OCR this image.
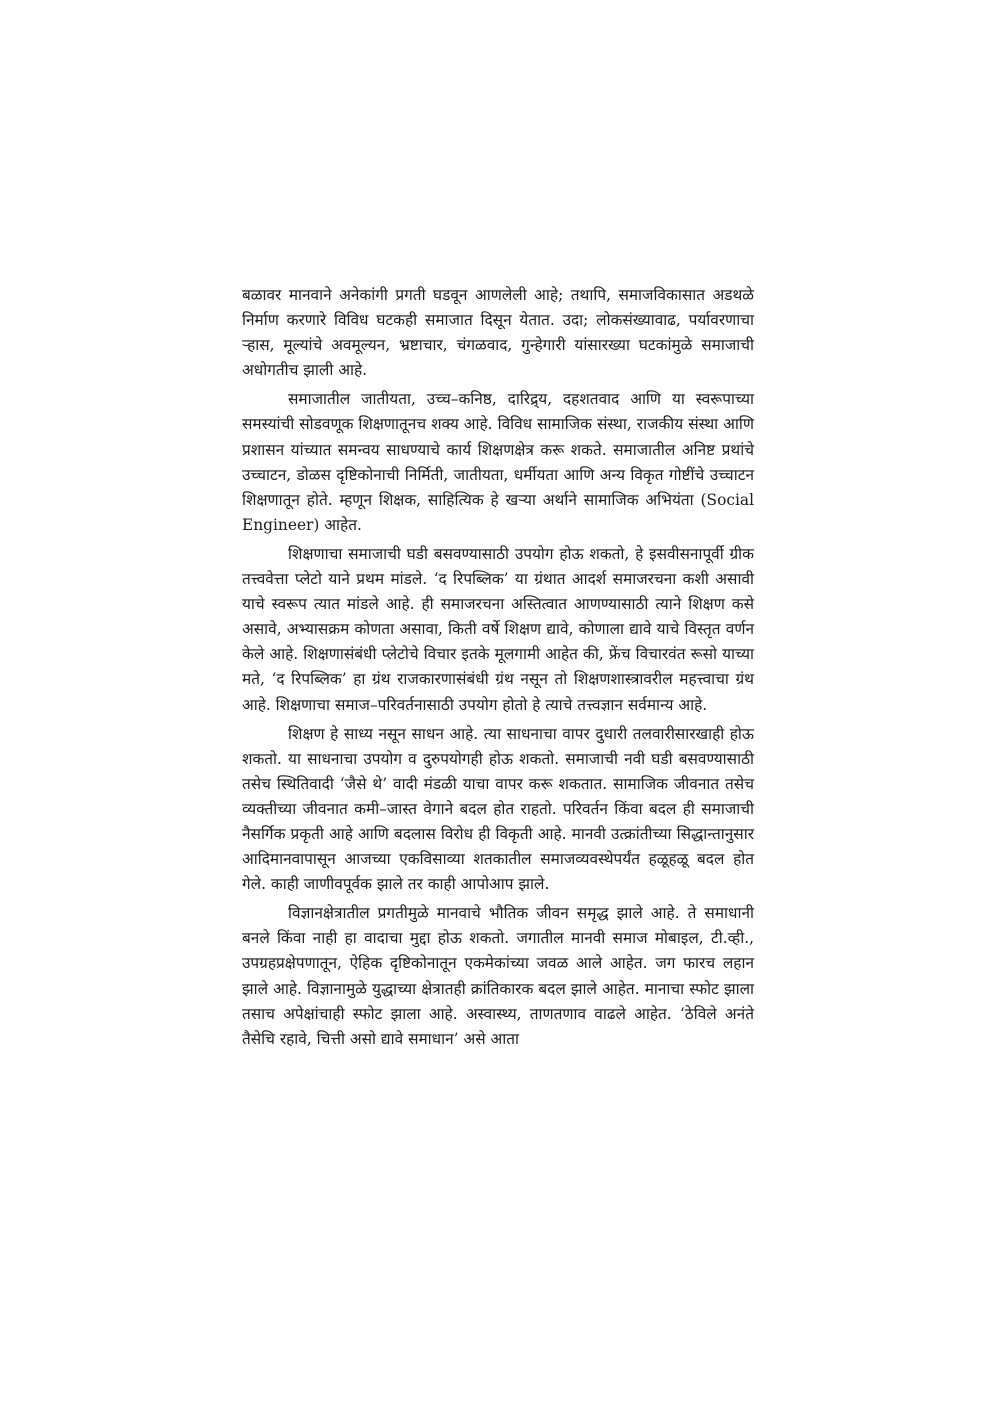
बळावर मानवाने अनेकांगी प्रगती घडवून आणलेली आहे; तथापि, समाजविकासात अडथळे निर्माण करणारे विविध घटकही समाजात दिसून येतात. उदा; लोकसंख्यावाढ, पर्यावरणाचा ऱ्हास, मूल्यांचे अवमूल्यन, भ्रष्टाचार, चंगळवाद, गुन्हेगारी यांसारख्या घटकांमुळे समाजाची अधोगतीच झाली आहे.

समाजातील जातीयता, उच्च–कनिष्ठ, दारिद्र्य, दहशतवाद आणि या स्वरूपाच्या समस्यांची सोडवणूक शिक्षणातूनच शक्य आहे. विविध सामाजिक संस्था, राजकीय संस्था आणि प्रशासन यांच्यात समन्वय साधण्याचे कार्य शिक्षणक्षेत्र करू शकते. समाजातील अनिष्ट प्रथांचे उच्चाटन, डोळस दृष्टिकोनाची निर्मिती, जातीयता, धर्मीयता आणि अन्य विकृत गोष्टींचे उच्चाटन शिक्षणातून होते. म्हणून शिक्षक, साहित्यिक हे खऱ्या अर्थाने सामाजिक अभियंता (Social Engineer) आहेत.

शिक्षणाचा समाजाची घडी बसवण्यासाठी उपयोग होऊ शकतो, हे इसवीसनापूर्वी ग्रीक तत्त्ववेत्ता प्लेटो याने प्रथम मांडले. ‘द रिपब्लिक’ या ग्रंथात आदर्श समाजरचना कशी असावी याचे स्वरूप त्यात मांडले आहे. ही समाजरचना अस्तित्वात आणण्यासाठी त्याने शिक्षण कसे असावे, अभ्यासक्रम कोणता असावा, किती वर्षे शिक्षण द्यावे, कोणाला द्यावे याचे विस्तृत वर्णन केले आहे. शिक्षणासंबंधी प्लेटोचे विचार इतके मूलगामी आहेत की, फ्रेंच विचारवंत रूसो याच्या मते, ‘द रिपब्लिक’ हा ग्रंथ राजकारणासंबंधी ग्रंथ नसून तो शिक्षणशास्त्रावरील महत्त्वाचा ग्रंथ आहे. शिक्षणाचा समाज–परिवर्तनासाठी उपयोग होतो हे त्याचे तत्त्वज्ञान सर्वमान्य आहे.

शिक्षण हे साध्य नसून साधन आहे. त्या साधनाचा वापर दुधारी तलवारीसारखाही होऊ शकतो. या साधनाचा उपयोग व दुरुपयोगही होऊ शकतो. समाजाची नवी घडी बसवण्यासाठी तसेच स्थितिवादी ‘जैसे थे’ वादी मंडळी याचा वापर करू शकतात. सामाजिक जीवनात तसेच व्यक्तीच्या जीवनात कमी–जास्त वेगाने बदल होत राहतो. परिवर्तन किंवा बदल ही समाजाची नैसर्गिक प्रकृती आहे आणि बदलास विरोध ही विकृती आहे. मानवी उत्क्रांतीच्या सिद्धान्तानुसार आदिमानवापासून आजच्या एकविसाव्या शतकातील समाजव्यवस्थेपर्यंत हळूहळू बदल होत गेले. काही जाणीवपूर्वक झाले तर काही आपोआप झाले.

विज्ञानक्षेत्रातील प्रगतीमुळे मानवाचे भौतिक जीवन समृद्ध झाले आहे. ते समाधानी बनले किंवा नाही हा वादाचा मुद्दा होऊ शकतो. जगातील मानवी समाज मोबाइल, टी.व्ही., उपग्रहप्रक्षेपणातून, ऐहिक दृष्टिकोनातून एकमेकांच्या जवळ आले आहेत. जग फारच लहान झाले आहे. विज्ञानामुळे युद्धाच्या क्षेत्रातही क्रांतिकारक बदल झाले आहेत. मानाचा स्फोट झाला तसाच अपेक्षांचाही स्फोट झाला आहे. अस्वास्थ्य, ताणतणाव वाढले आहेत. ‘ठेविले अनंते तैसेचि रहावे, चित्ती असो द्यावे समाधान’ असे आता
